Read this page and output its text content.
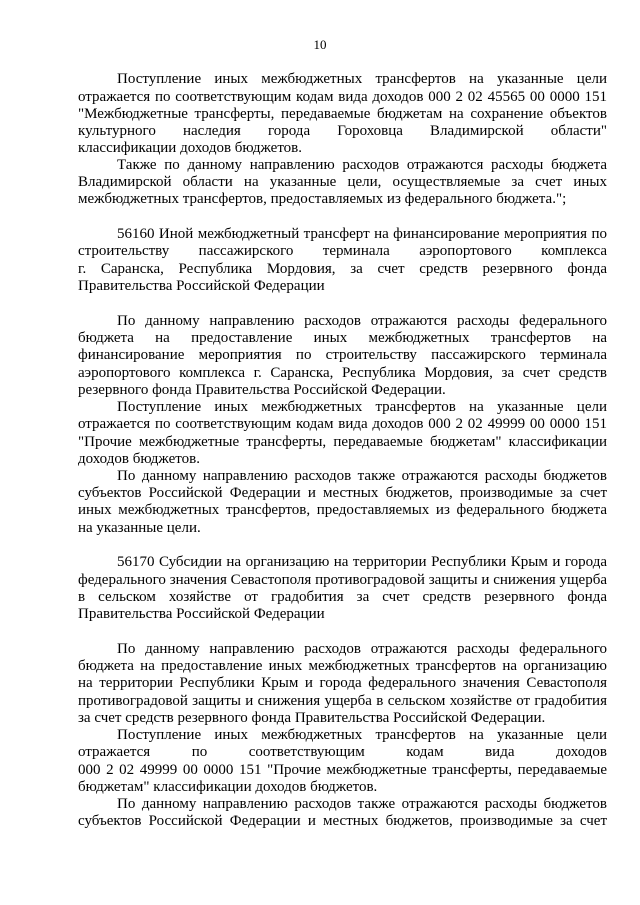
10
Поступление иных межбюджетных трансфертов на указанные цели
отражается по соответствующим кодам вида доходов 000 2 02 45565 00 0000 151
"Межбюджетные трансферты, передаваемые бюджетам на сохранение объектов
культурного наследия города Гороховца Владимирской области"
классификации доходов бюджетов.
Также по данному направлению расходов отражаются расходы бюджета
Владимирской области на указанные цели, осуществляемые за счет иных
межбюджетных трансфертов, предоставляемых из федерального бюджета.";
56160 Иной межбюджетный трансферт на финансирование мероприятия по
строительству пассажирского терминала аэропортового комплекса
г. Саранска, Республика Мордовия, за счет средств резервного фонда
Правительства Российской Федерации
По данному направлению расходов отражаются расходы федерального
бюджета на предоставление иных межбюджетных трансфертов на
финансирование мероприятия по строительству пассажирского терминала
аэропортового комплекса г. Саранска, Республика Мордовия, за счет средств
резервного фонда Правительства Российской Федерации.
Поступление иных межбюджетных трансфертов на указанные цели
отражается по соответствующим кодам вида доходов 000 2 02 49999 00 0000 151
"Прочие межбюджетные трансферты, передаваемые бюджетам" классификации
доходов бюджетов.
По данному направлению расходов также отражаются расходы бюджетов
субъектов Российской Федерации и местных бюджетов, производимые за счет
иных межбюджетных трансфертов, предоставляемых из федерального бюджета
на указанные цели.
56170 Субсидии на организацию на территории Республики Крым и города
федерального значения Севастополя противоградовой защиты и снижения ущерба
в сельском хозяйстве от градобития за счет средств резервного фонда
Правительства Российской Федерации
По данному направлению расходов отражаются расходы федерального
бюджета на предоставление иных межбюджетных трансфертов на организацию
на территории Республики Крым и города федерального значения Севастополя
противоградовой защиты и снижения ущерба в сельском хозяйстве от градобития
за счет средств резервного фонда Правительства Российской Федерации.
Поступление иных межбюджетных трансфертов на указанные цели
отражается по соответствующим кодам вида доходов
000 2 02 49999 00 0000 151 "Прочие межбюджетные трансферты, передаваемые
бюджетам" классификации доходов бюджетов.
По данному направлению расходов также отражаются расходы бюджетов
субъектов Российской Федерации и местных бюджетов, производимые за счет
